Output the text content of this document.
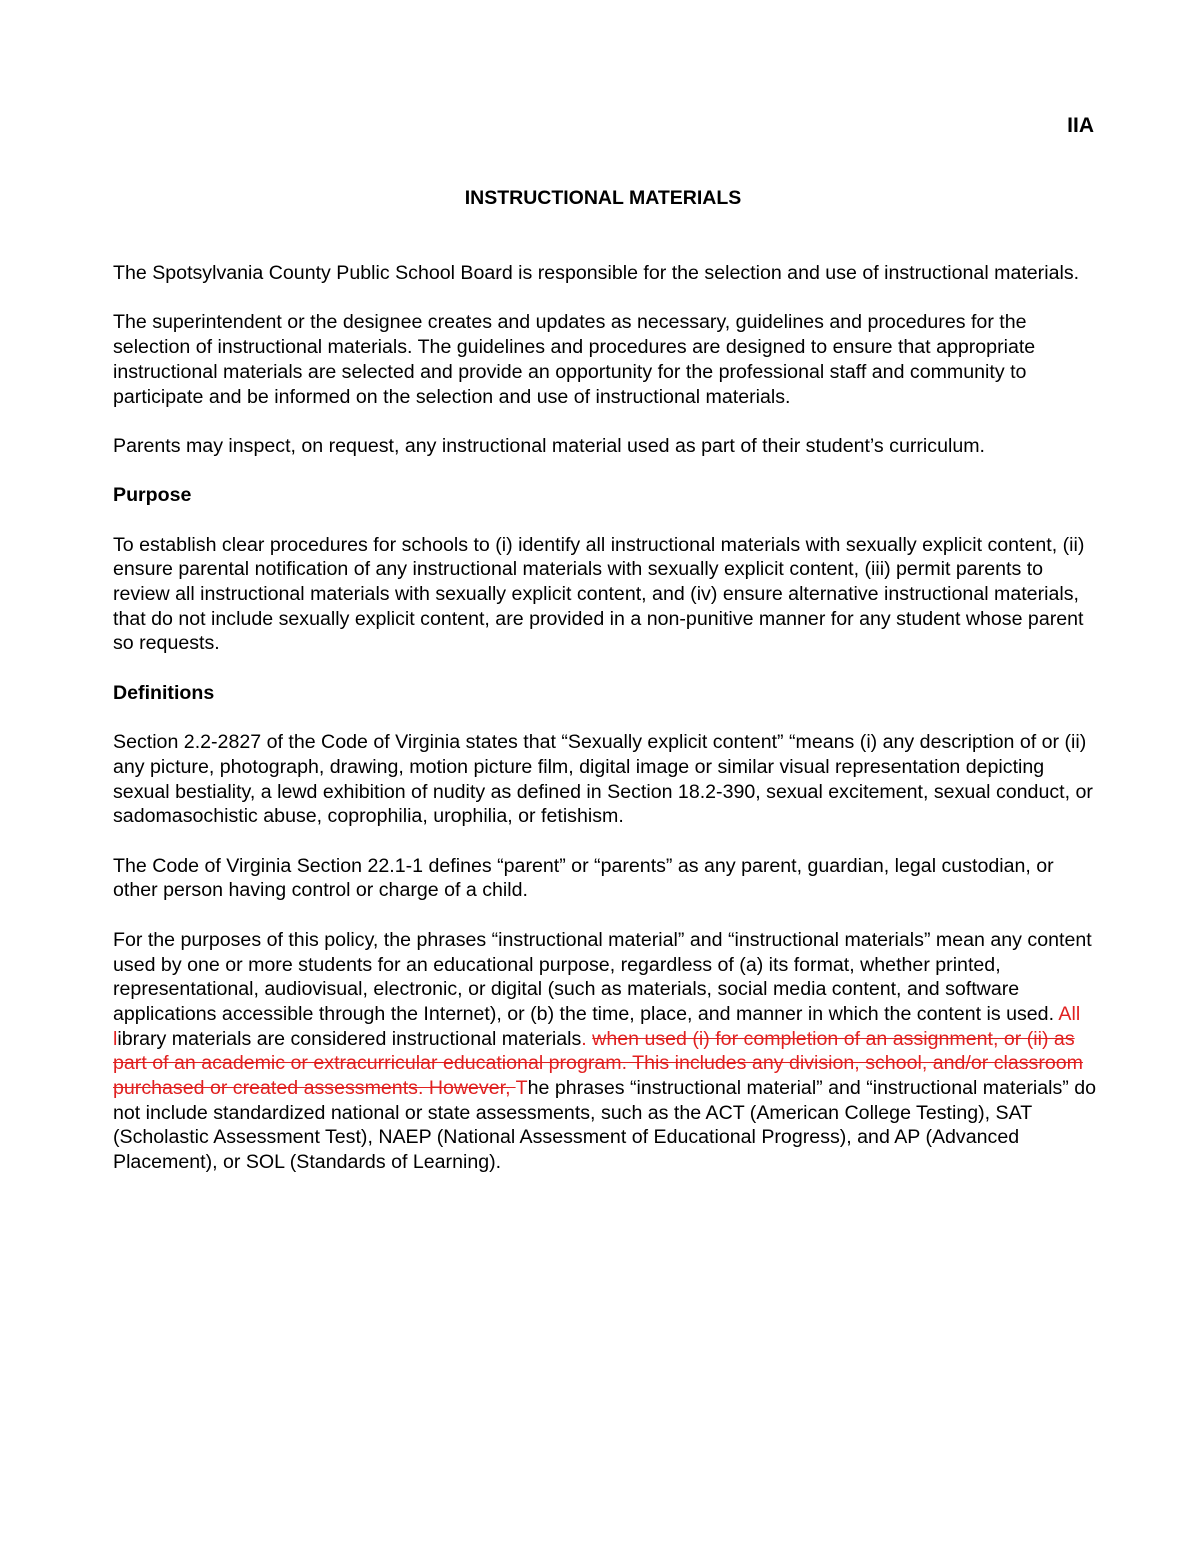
IIA

INSTRUCTIONAL MATERIALS

The Spotsylvania County Public School Board is responsible for the selection and use of instructional materials.

The superintendent or the designee creates and updates as necessary, guidelines and procedures for the selection of instructional materials. The guidelines and procedures are designed to ensure that appropriate instructional materials are selected and provide an opportunity for the professional staff and community to participate and be informed on the selection and use of instructional materials.

Parents may inspect, on request, any instructional material used as part of their student’s curriculum.

Purpose

To establish clear procedures for schools to (i) identify all instructional materials with sexually explicit content, (ii) ensure parental notification of any instructional materials with sexually explicit content, (iii) permit parents to review all instructional materials with sexually explicit content, and (iv) ensure alternative instructional materials, that do not include sexually explicit content, are provided in a non-punitive manner for any student whose parent so requests.

Definitions

Section 2.2-2827 of the Code of Virginia states that “Sexually explicit content” “means (i) any description of or (ii) any picture, photograph, drawing, motion picture film, digital image or similar visual representation depicting sexual bestiality, a lewd exhibition of nudity as defined in Section 18.2-390, sexual excitement, sexual conduct, or sadomasochistic abuse, coprophilia, urophilia, or fetishism.

The Code of Virginia Section 22.1-1 defines “parent” or “parents” as any parent, guardian, legal custodian, or other person having control or charge of a child.

For the purposes of this policy, the phrases “instructional material” and “instructional materials” mean any content used by one or more students for an educational purpose, regardless of (a) its format, whether printed, representational, audiovisual, electronic, or digital (such as materials, social media content, and software applications accessible through the Internet), or (b) the time, place, and manner in which the content is used. All library materials are considered instructional materials. when used (i) for completion of an assignment, or (ii) as part of an academic or extracurricular educational program. This includes any division, school, and/or classroom purchased or created assessments. However, The phrases “instructional material” and “instructional materials” do not include standardized national or state assessments, such as the ACT (American College Testing), SAT (Scholastic Assessment Test), NAEP (National Assessment of Educational Progress), and AP (Advanced Placement), or SOL (Standards of Learning).
